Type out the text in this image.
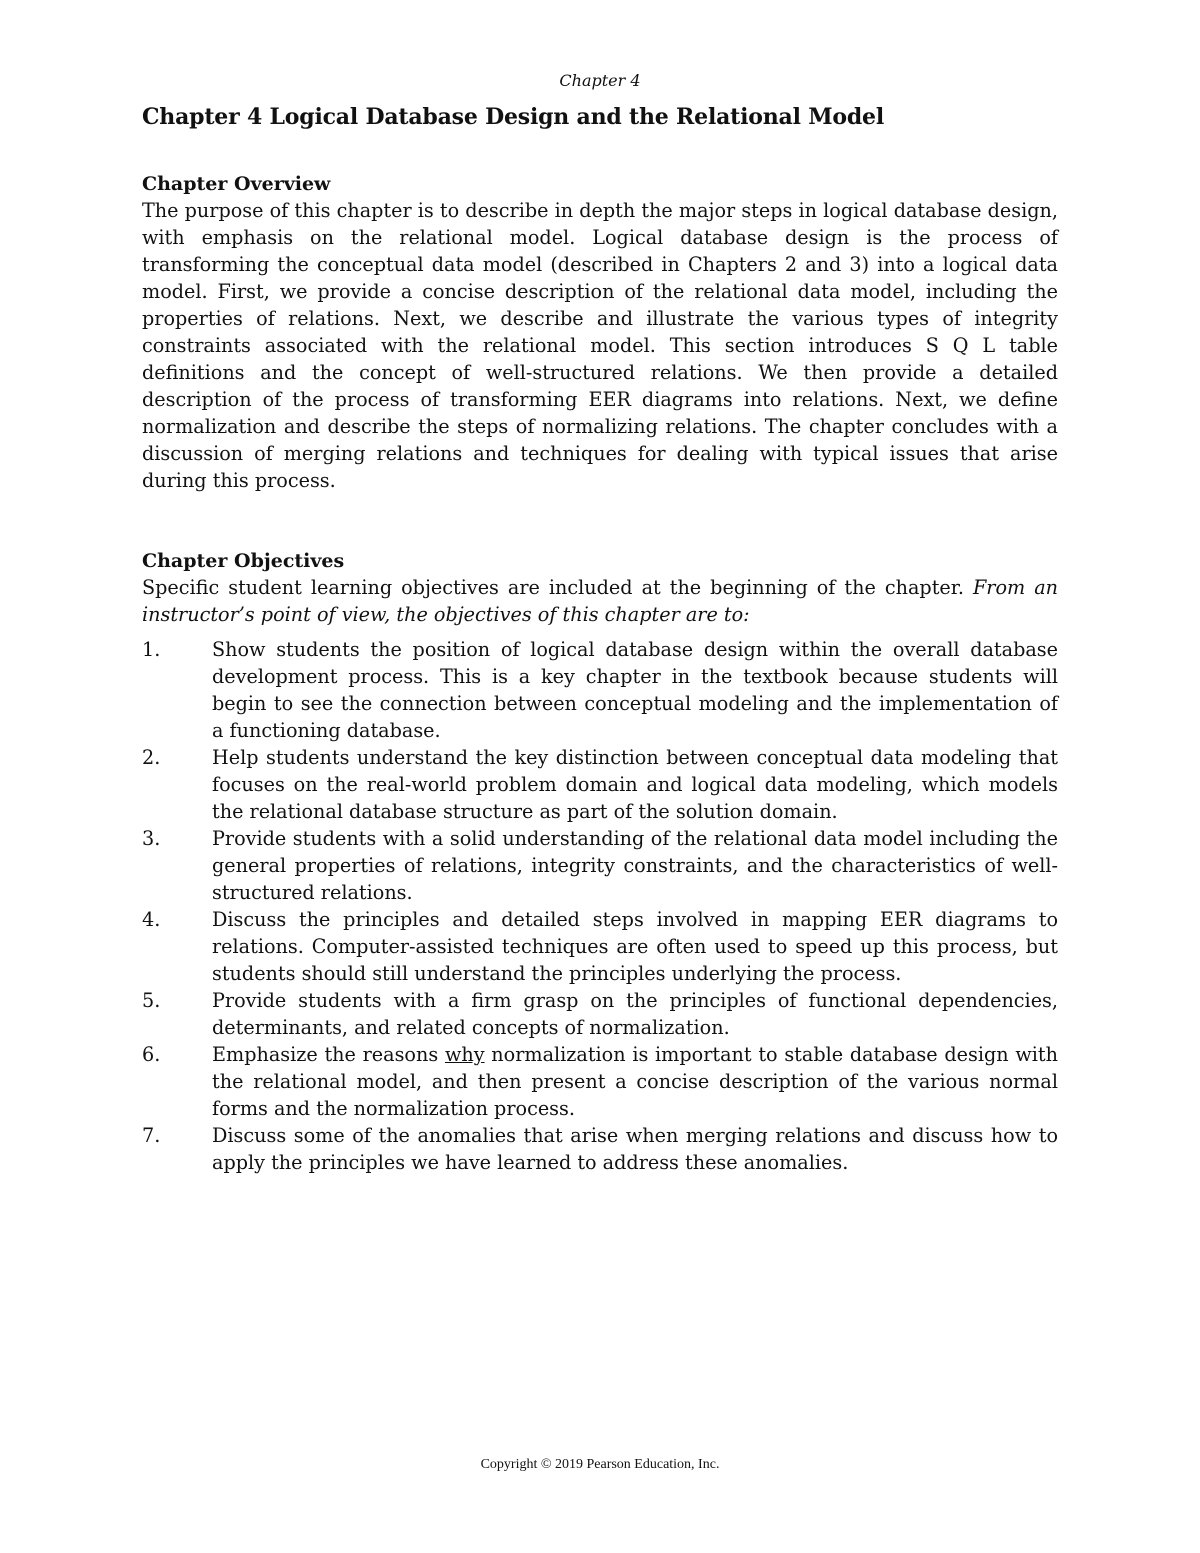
Chapter 4
Chapter 4 Logical Database Design and the Relational Model
Chapter Overview

The purpose of this chapter is to describe in depth the major steps in logical database design, with emphasis on the relational model. Logical database design is the process of transforming the conceptual data model (described in Chapters 2 and 3) into a logical data model. First, we provide a concise description of the relational data model, including the properties of relations. Next, we describe and illustrate the various types of integrity constraints associated with the relational model. This section introduces S Q L table definitions and the concept of well-structured relations. We then provide a detailed description of the process of transforming EER diagrams into relations. Next, we define normalization and describe the steps of normalizing relations. The chapter concludes with a discussion of merging relations and techniques for dealing with typical issues that arise during this process.

Chapter Objectives

Specific student learning objectives are included at the beginning of the chapter. From an instructor’s point of view, the objectives of this chapter are to:

1.	Show students the position of logical database design within the overall database development process. This is a key chapter in the textbook because students will begin to see the connection between conceptual modeling and the implementation of a functioning database.
2.	Help students understand the key distinction between conceptual data modeling that focuses on the real-world problem domain and logical data modeling, which models the relational database structure as part of the solution domain.
3.	Provide students with a solid understanding of the relational data model including the general properties of relations, integrity constraints, and the characteristics of well-structured relations.
4.	Discuss the principles and detailed steps involved in mapping EER diagrams to relations. Computer-assisted techniques are often used to speed up this process, but students should still understand the principles underlying the process.
5.	Provide students with a firm grasp on the principles of functional dependencies, determinants, and related concepts of normalization.
6.	Emphasize the reasons why normalization is important to stable database design with the relational model, and then present a concise description of the various normal forms and the normalization process.
7.	Discuss some of the anomalies that arise when merging relations and discuss how to apply the principles we have learned to address these anomalies.
Copyright © 2019 Pearson Education, Inc.
